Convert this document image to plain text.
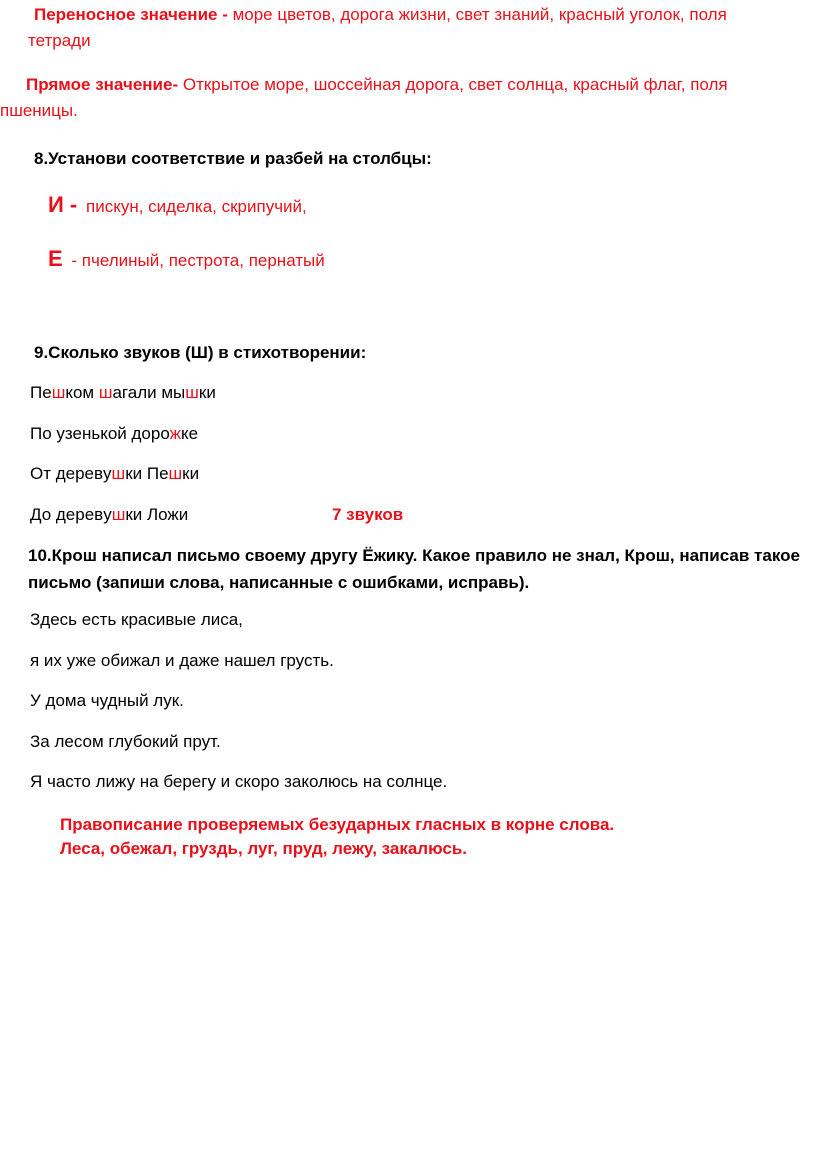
Переносное значение - море цветов, дорога жизни, свет знаний, красный уголок, поля
тетради
Прямое значение- Открытое море, шоссейная дорога, свет солнца, красный флаг, поля
пшеницы.
8.Установи соответствие и разбей на столбцы:
И - пискун, сиделка, скрипучий,
Е - пчелиный, пестрота, пернатый
9.Сколько звуков (Ш) в стихотворении:
Пешком шагали мышки
По узенькой дорожке
От деревyшки Пешки
До деревyшки Ложи	7 звуков
10.Крош написал письмо своему другу Ёжику. Какое правило не знал, Крош, написав такое
письмо (запиши слова, написанные с ошибками, исправь).
Здесь есть красивые лиса,
я их уже обижал и даже нашел грусть.
У дома чудный лук.
За лесом глубокий прут.
Я часто лижу на берегу и скоро заколюсь на солнце.
Правописание проверяемых безударных гласных в корне слова.
Леса, обежал, груздь, луг, пруд, лежу, закалюсь.
